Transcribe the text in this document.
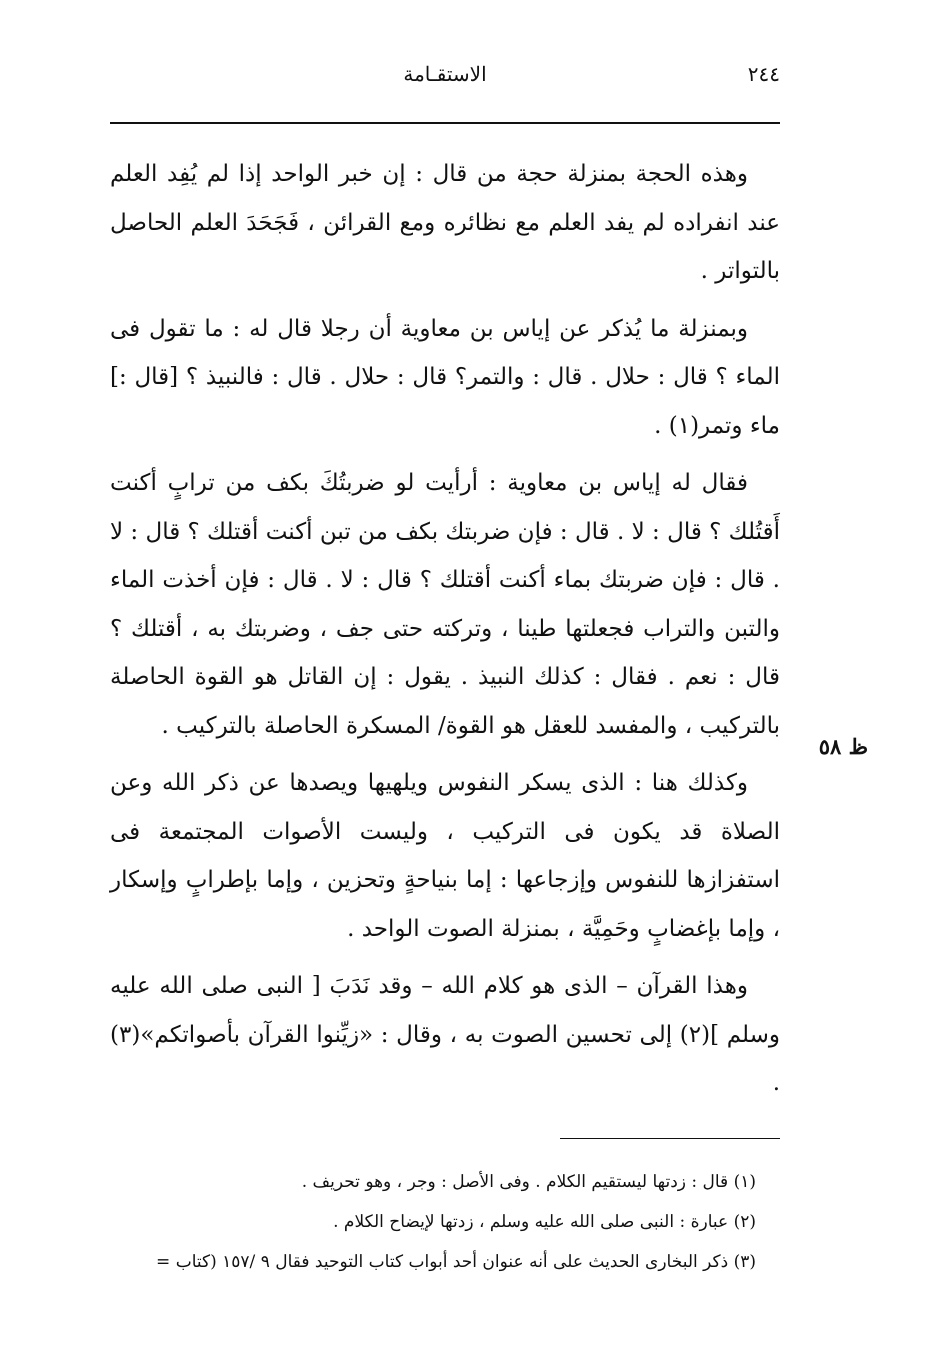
٢٤٤
الاستقـامة

وهذه الحجة بمنزلة حجة من قال : إن خبر الواحد إذا لم يُفِد العلم عند انفراده لم يفد العلم مع نظائره ومع القرائن ، فَجَحَدَ العلم الحاصل بالتواتر .

وبمنزلة ما يُذكر عن إياس بن معاوية أن رجلا قال له : ما تقول فى الماء ؟ قال : حلال . قال : والتمر؟ قال : حلال . قال : فالنبيذ ؟ [قال :] ماء وتمر(١) .

فقال له إياس بن معاوية : أرأيت لو ضربتُكَ بكف من ترابٍ أكنت أَقتُلك ؟ قال : لا . قال : فإن ضربتك بكف من تبن أكنت أقتلك ؟ قال : لا . قال : فإن ضربتك بماء أكنت أقتلك ؟ قال : لا . قال : فإن أخذت الماء والتبن والتراب فجعلتها طينا ، وتركته حتى جف ، وضربتك به ، أقتلك ؟ قال : نعم . فقال : كذلك النبيذ . يقول : إن القاتل هو القوة الحاصلة بالتركيب ، والمفسد للعقل هو القوة/ المسكرة الحاصلة بالتركيب .

وكذلك هنا : الذى يسكر النفوس ويلهيها ويصدها عن ذكر الله وعن الصلاة قد يكون فى التركيب ، وليست الأصوات المجتمعة فى استفزازها للنفوس وإزجاعها : إما بنياحةٍ وتحزين ، وإما بإطرابٍ وإسكار ، وإما بإغضابٍ وحَمِيَّة ، بمنزلة الصوت الواحد .

وهذا القرآن – الذى هو كلام الله – وقد نَدَبَ [ النبى صلى الله عليه وسلم ](٢) إلى تحسين الصوت به ، وقال : «زيِّنوا القرآن بأصواتكم»(٣) .

ظ ٥٨

(١) قال : زدتها ليستقيم الكلام . وفى الأصل : وجر ، وهو تحريف .

(٢) عبارة : النبى صلى الله عليه وسلم ، زدتها لإيضاح الكلام .

(٣) ذكر البخارى الحديث على أنه عنوان أحد أبواب كتاب التوحيد فقال ٩ /١٥٧ (كتاب =
